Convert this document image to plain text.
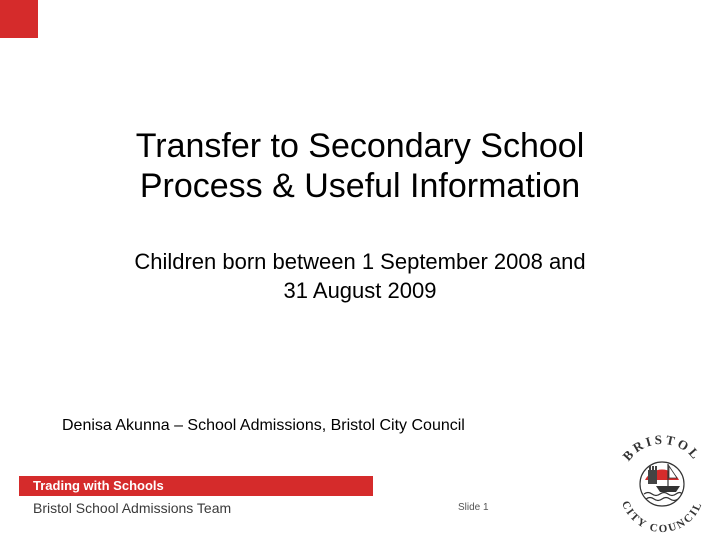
Transfer to Secondary School
Process & Useful Information
Children born between 1 September 2008 and
31 August 2009
Denisa Akunna – School Admissions, Bristol City Council
Trading with Schools
Bristol School Admissions Team	Slide 1
BRISTOL
CITY COUNCIL
